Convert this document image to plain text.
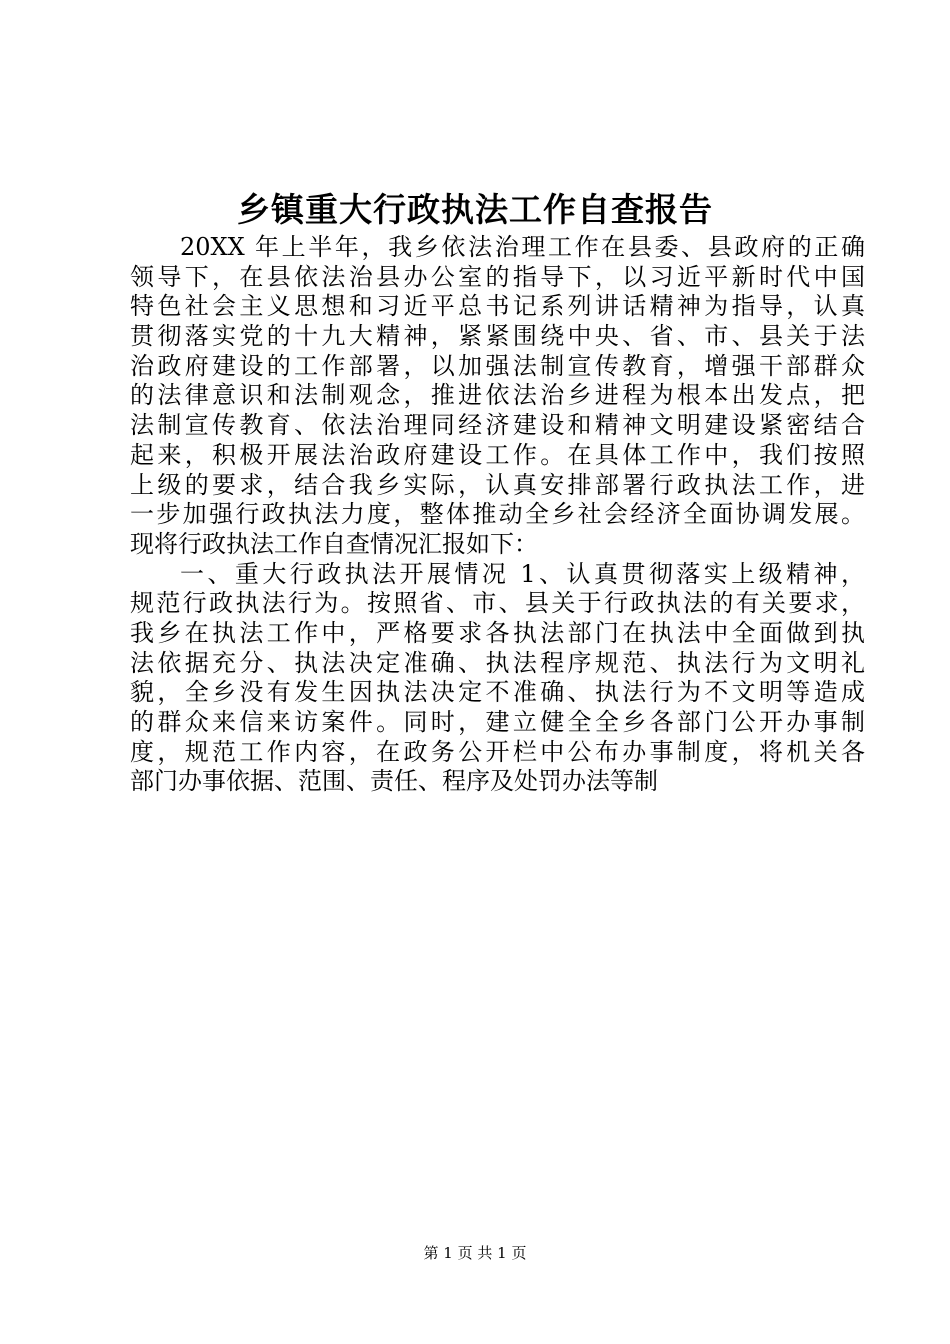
乡镇重大行政执法工作自查报告
20XX 年上半年，我乡依法治理工作在县委、县政府的正确
领导下，在县依法治县办公室的指导下，以习近平新时代中国
特色社会主义思想和习近平总书记系列讲话精神为指导，认真
贯彻落实党的十九大精神，紧紧围绕中央、省、市、县关于法
治政府建设的工作部署，以加强法制宣传教育，增强干部群众
的法律意识和法制观念，推进依法治乡进程为根本出发点，把
法制宣传教育、依法治理同经济建设和精神文明建设紧密结合
起来，积极开展法治政府建设工作。在具体工作中，我们按照
上级的要求，结合我乡实际，认真安排部署行政执法工作，进
一步加强行政执法力度，整体推动全乡社会经济全面协调发展。
现将行政执法工作自查情况汇报如下：
一、重大行政执法开展情况 1、认真贯彻落实上级精神，
规范行政执法行为。按照省、市、县关于行政执法的有关要求，
我乡在执法工作中，严格要求各执法部门在执法中全面做到执
法依据充分、执法决定准确、执法程序规范、执法行为文明礼
貌，全乡没有发生因执法决定不准确、执法行为不文明等造成
的群众来信来访案件。同时，建立健全全乡各部门公开办事制
度，规范工作内容，在政务公开栏中公布办事制度，将机关各
部门办事依据、范围、责任、程序及处罚办法等制
第 1 页 共 1 页
